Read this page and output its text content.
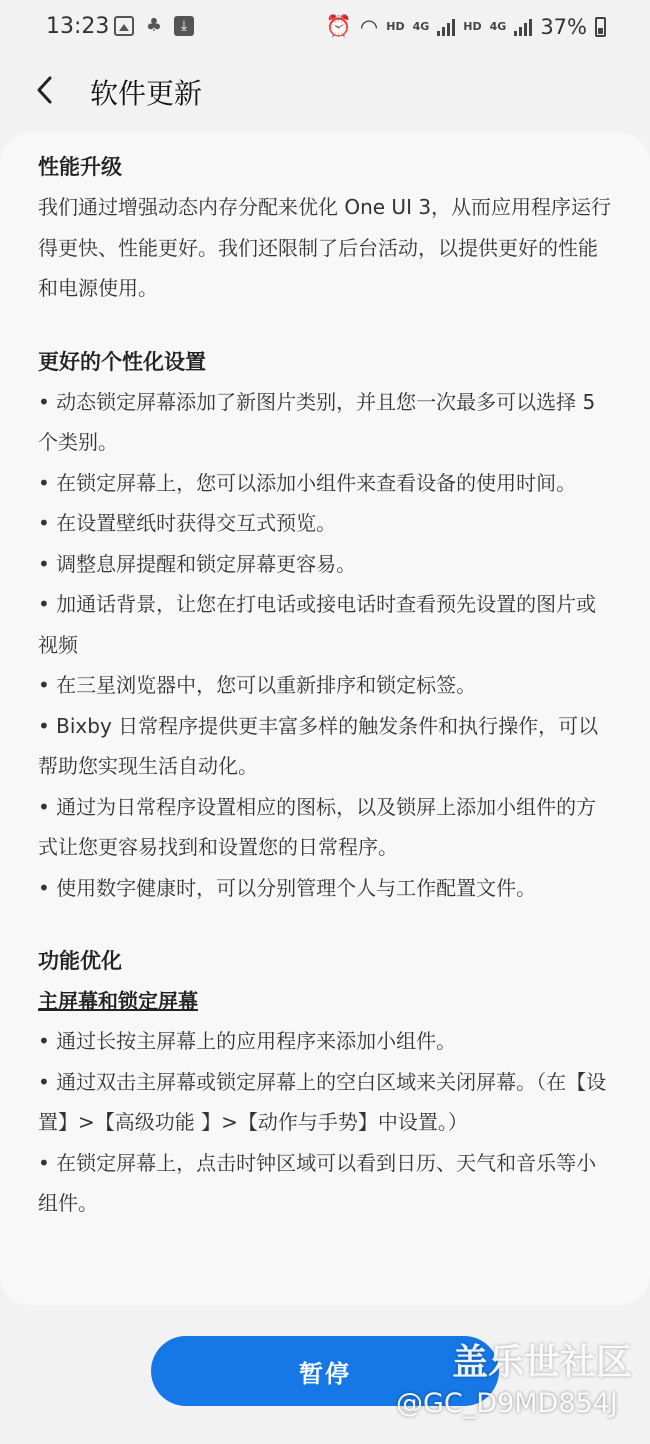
13:23 ♣	⤓	⏰ ◠ HD 4G	HD 4G 37%
软件更新
性能升级

我们通过增强动态内存分配来优化 One UI 3，从而应用程序运行得更快、性能更好。我们还限制了后台活动，以提供更好的性能和电源使用。

更好的个性化设置

• 动态锁定屏幕添加了新图片类别，并且您一次最多可以选择 5 个类别。

• 在锁定屏幕上，您可以添加小组件来查看设备的使用时间。

• 在设置壁纸时获得交互式预览。

• 调整息屏提醒和锁定屏幕更容易。

• 加通话背景，让您在打电话或接电话时查看预先设置的图片或视频

• 在三星浏览器中，您可以重新排序和锁定标签。

• Bixby 日常程序提供更丰富多样的触发条件和执行操作，可以帮助您实现生活自动化。

• 通过为日常程序设置相应的图标，以及锁屏上添加小组件的方式让您更容易找到和设置您的日常程序。

• 使用数字健康时，可以分别管理个人与工作配置文件。

功能优化
主屏幕和锁定屏幕

• 通过长按主屏幕上的应用程序来添加小组件。

• 通过双击主屏幕或锁定屏幕上的空白区域来关闭屏幕。（在【设置】>【高级功能 】>【动作与手势】中设置。）

• 在锁定屏幕上，点击时钟区域可以看到日历、天气和音乐等小组件。

暂停	盖乐世社区
@GC_D9MD854J
